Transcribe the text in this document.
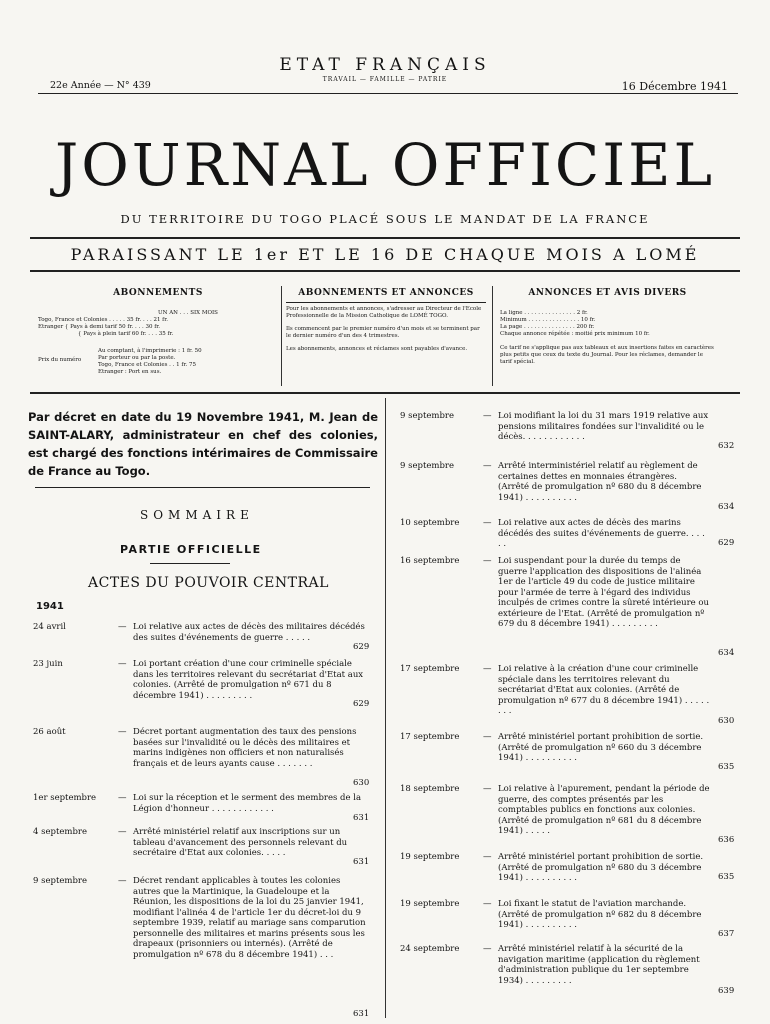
ETAT FRANÇAIS
TRAVAIL — FAMILLE — PATRIE
22e Année — N° 439	16 Décembre 1941
JOURNAL OFFICIEL
DU TERRITOIRE DU TOGO PLACÉ SOUS LE MANDAT DE LA FRANCE
PARAISSANT LE 1er ET LE 16 DE CHAQUE MOIS A LOMÉ
ABONNEMENTS
UN AN . . . SIX MOIS
Togo, France et Colonies . . . . . 35 fr. . . . 21 fr.
Etranger { Pays à demi tarif 50 fr. . . . 30 fr.
{ Pays à plein tarif 60 fr. . . . 35 fr.
Prix du numéro
Au comptant, à l'imprimerie : 1 fr. 50
Par porteur ou par la poste.
Togo, France et Colonies . . 1 fr. 75
Etranger : Port en sus.
ABONNEMENTS ET ANNONCES
Pour les abonnements et annonces, s'adresser au Directeur de l'Ecole Professionnelle de la Mission Catholique de LOMÉ TOGO.
Ils commencent par le premier numéro d'un mois et se terminent par le dernier numéro d'un des 4 trimestres.
Les abonnements, annonces et réclames sont payables d'avance.
ANNONCES ET AVIS DIVERS
La ligne . . . . . . . . . . . . . . . 2 fr.
Minimum . . . . . . . . . . . . . . . 10 fr.
La page . . . . . . . . . . . . . . . 200 fr.
Chaque annonce répétée : moitié prix minimum 10 fr.
Ce tarif ne s'applique pas aux tableaux et aux insertions faites en caractères plus petits que ceux du texte du Journal. Pour les réclames, demander le tarif spécial.
Par décret en date du 19 Novembre 1941, M. Jean de SAINT-ALARY, administrateur en chef des colonies, est chargé des fonctions intérimaires de Commissaire de France au Togo.
SOMMAIRE
PARTIE OFFICIELLE
ACTES DU POUVOIR CENTRAL
1941
24 avril	— Loi relative aux actes de décès des militaires décédés des suites d'événements de guerre . . . . .
629
23 juin	— Loi portant création d'une cour criminelle spéciale dans les territoires relevant du secrétariat d'Etat aux colonies. (Arrêté de promulgation nº 671 du 8 décembre 1941) . . . . . . . . .
629
26 août	— Décret portant augmentation des taux des pensions basées sur l'invalidité ou le décès des militaires et marins indigènes non officiers et non naturalisés français et de leurs ayants cause . . . . . . .
630
1er septembre	— Loi sur la réception et le serment des membres de la Légion d'honneur . . . . . . . . . . . .
631
4 septembre	— Arrêté ministériel relatif aux inscriptions sur un tableau d'avancement des personnels relevant du secrétaire d'Etat aux colonies. . . . .
631
9 septembre	— Décret rendant applicables à toutes les colonies autres que la Martinique, la Guadeloupe et la Réunion, les dispositions de la loi du 25 janvier 1941, modifiant l'alinéa 4 de l'article 1er du décret-loi du 9 septembre 1939, relatif au mariage sans comparution personnelle des militaires et marins présents sous les drapeaux (prisonniers ou internés). (Arrêté de promulgation nº 678 du 8 décembre 1941) . . .
631
9 septembre	— Loi modifiant la loi du 31 mars 1919 relative aux pensions militaires fondées sur l'invalidité ou le décès. . . . . . . . . . . .
632
9 septembre	— Arrêté interministériel relatif au règlement de certaines dettes en monnaies étrangères. (Arrêté de promulgation nº 680 du 8 décembre 1941) . . . . . . . . . .
634
10 septembre	— Loi relative aux actes de décès des marins décédés des suites d'événements de guerre. . . . . .	629
16 septembre	— Loi suspendant pour la durée du temps de guerre l'application des dispositions de l'alinéa 1er de l'article 49 du code de justice militaire pour l'armée de terre à l'égard des individus inculpés de crimes contre la sûreté intérieure ou extérieure de l'Etat. (Arrêté de promulgation nº 679 du 8 décembre 1941) . . . . . . . . .
634
17 septembre	— Loi relative à la création d'une cour criminelle spéciale dans les territoires relevant du secrétariat d'Etat aux colonies. (Arrêté de promulgation nº 677 du 8 décembre 1941) . . . . . . . .
630
17 septembre	— Arrêté ministériel portant prohibition de sortie. (Arrêté de promulgation nº 660 du 3 décembre 1941) . . . . . . . . . .
635
18 septembre	— Loi relative à l'apurement, pendant la période de guerre, des comptes présentés par les comptables publics en fonctions aux colonies. (Arrêté de promulgation nº 681 du 8 décembre 1941) . . . . .
636
19 septembre	— Arrêté ministériel portant prohibition de sortie. (Arrêté de promulgation nº 680 du 3 décembre 1941) . . . . . . . . . .	635
19 septembre	— Loi fixant le statut de l'aviation marchande. (Arrêté de promulgation nº 682 du 8 décembre 1941) . . . . . . . . . .
637
24 septembre	— Arrêté ministériel relatif à la sécurité de la navigation maritime (application du règlement d'administration publique du 1er septembre 1934) . . . . . . . . .
639
